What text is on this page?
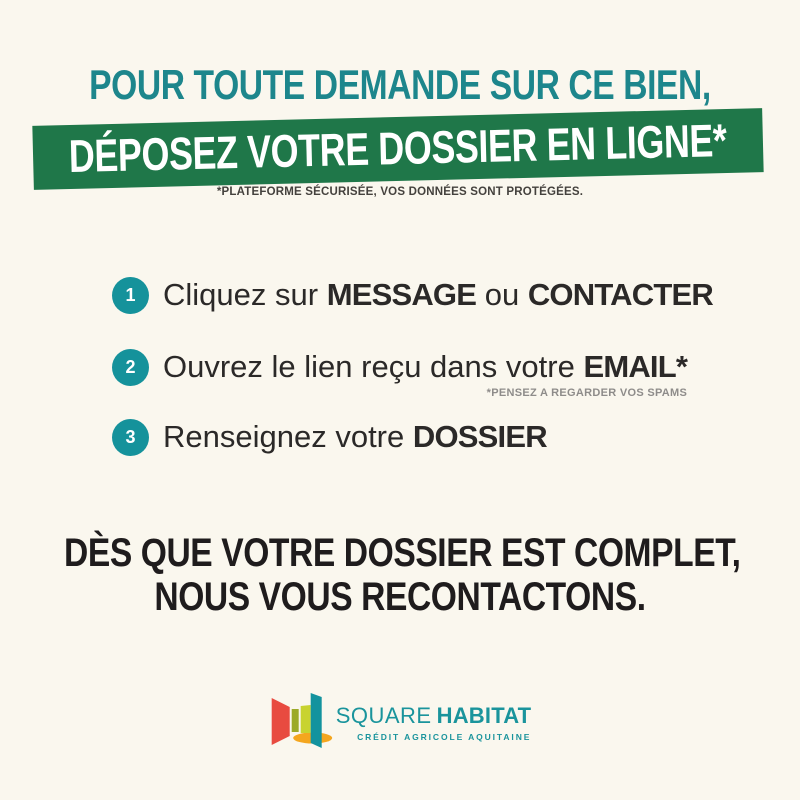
POUR TOUTE DEMANDE SUR CE BIEN,
DÉPOSEZ VOTRE DOSSIER EN LIGNE*
*PLATEFORME SÉCURISÉE, VOS DONNÉES SONT PROTÉGÉES.
1 Cliquez sur MESSAGE ou CONTACTER
2 Ouvrez le lien reçu dans votre EMAIL*
*PENSEZ A REGARDER VOS SPAMS
3 Renseignez votre DOSSIER
DÈS QUE VOTRE DOSSIER EST COMPLET,
NOUS VOUS RECONTACTONS.
SQUARE HABITAT
CRÉDIT AGRICOLE AQUITAINE
